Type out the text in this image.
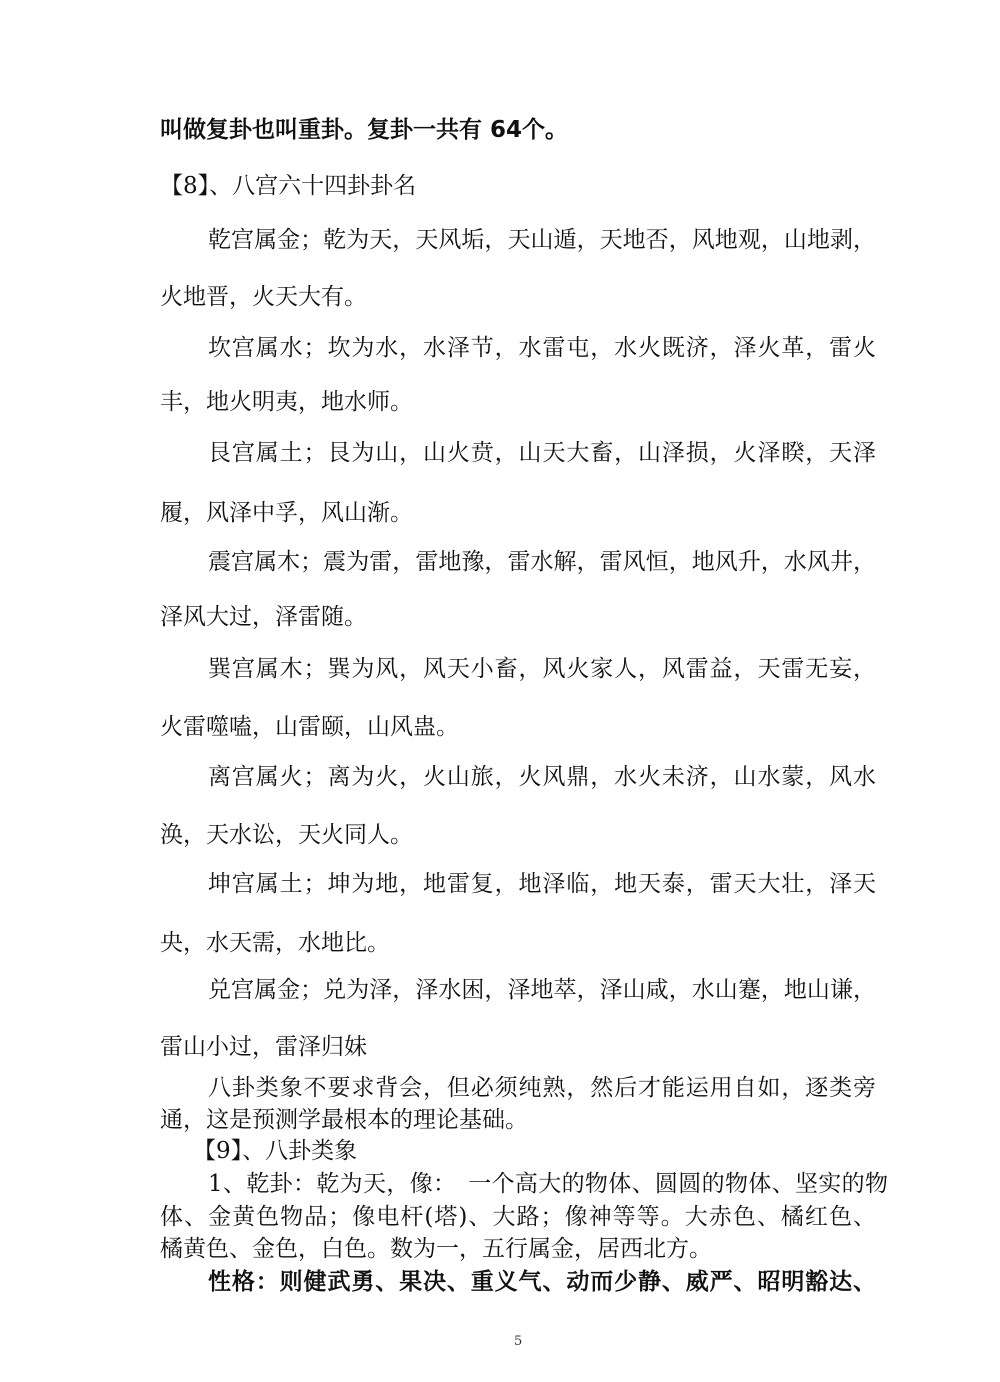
叫做复卦也叫重卦。复卦一共有 64个。
【8】、八宫六十四卦卦名
乾宫属金；乾为天，天风垢，天山遁，天地否，风地观，山地剥，
火地晋，火天大有。
坎宫属水；坎为水，水泽节，水雷屯，水火既济，泽火革，雷火
丰，地火明夷，地水师。
艮宫属土；艮为山，山火贲，山天大畜，山泽损，火泽睽，天泽
履，风泽中孚，风山渐。
震宫属木；震为雷，雷地豫，雷水解，雷风恒，地风升，水风井，
泽风大过，泽雷随。
巽宫属木；巽为风，风天小畜，风火家人，风雷益，天雷无妄，
火雷噬嗑，山雷颐，山风蛊。
离宫属火；离为火，火山旅，火风鼎，水火未济，山水蒙，风水
涣，天水讼，天火同人。
坤宫属土；坤为地，地雷复，地泽临，地天泰，雷天大壮，泽天
央，水天需，水地比。
兑宫属金；兑为泽，泽水困，泽地萃，泽山咸，水山蹇，地山谦，
雷山小过，雷泽归妹
八卦类象不要求背会，但必须纯熟，然后才能运用自如，逐类旁
通，这是预测学最根本的理论基础。
【9】、八卦类象
1、乾卦：乾为天，像：　一个高大的物体、圆圆的物体、坚实的物
体、金黄色物品；像电杆(塔)、大路；像神等等。大赤色、橘红色、
橘黄色、金色，白色。数为一，五行属金，居西北方。
性格：则健武勇、果决、重义气、动而少静、威严、昭明豁达、
5
